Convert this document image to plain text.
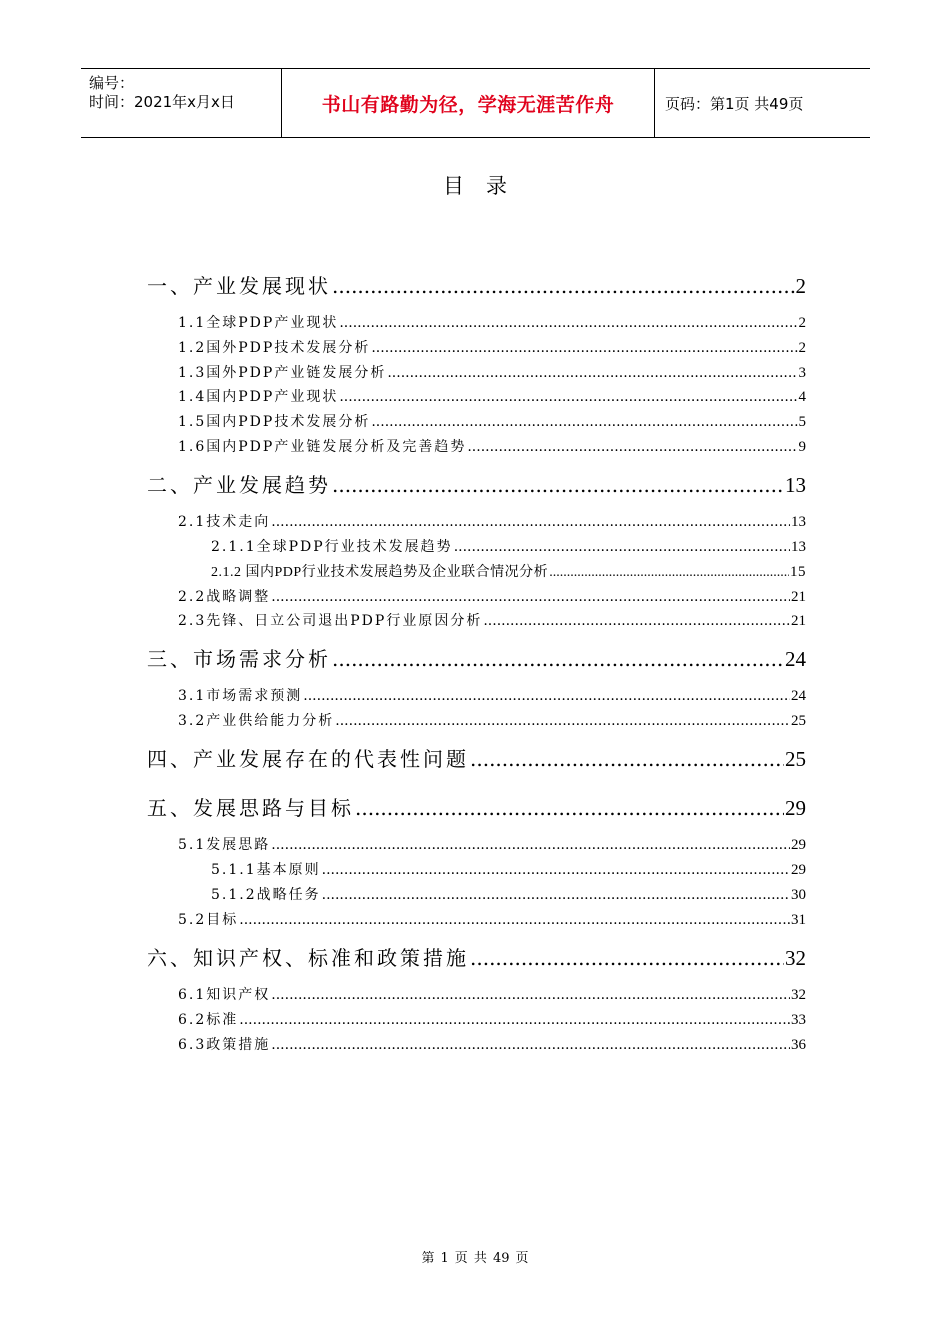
编号：
时间：2021年x月x日	书山有路勤为径，学海无涯苦作舟	页码：第1页 共49页
目录
一、产业发展现状 .....	2
1.1全球PDP产业现状 .....	2
1.2国外PDP技术发展分析 .....	2
1.3国外PDP产业链发展分析 .....	3
1.4国内PDP产业现状 .....	4
1.5国内PDP技术发展分析 .....	5
1.6国内PDP产业链发展分析及完善趋势 .....	9
二、产业发展趋势 .....	13
2.1技术走向 .....	13
2.1.1全球PDP行业技术发展趋势 .....	13
2.1.2 国内PDP行业技术发展趋势及企业联合情况分析 .....	15
2.2战略调整 .....	21
2.3先锋、日立公司退出PDP行业原因分析 .....	21
三、市场需求分析 .....	24
3.1市场需求预测 .....	24
3.2产业供给能力分析 .....	25
四、产业发展存在的代表性问题 .....	25
五、发展思路与目标 .....	29
5.1发展思路 .....	29
5.1.1基本原则 .....	29
5.1.2战略任务 .....	30
5.2目标 .....	31
六、知识产权、标准和政策措施 .....	32
6.1知识产权 .....	32
6.2标准 .....	33
6.3政策措施 .....	36
第 1 页 共 49 页
